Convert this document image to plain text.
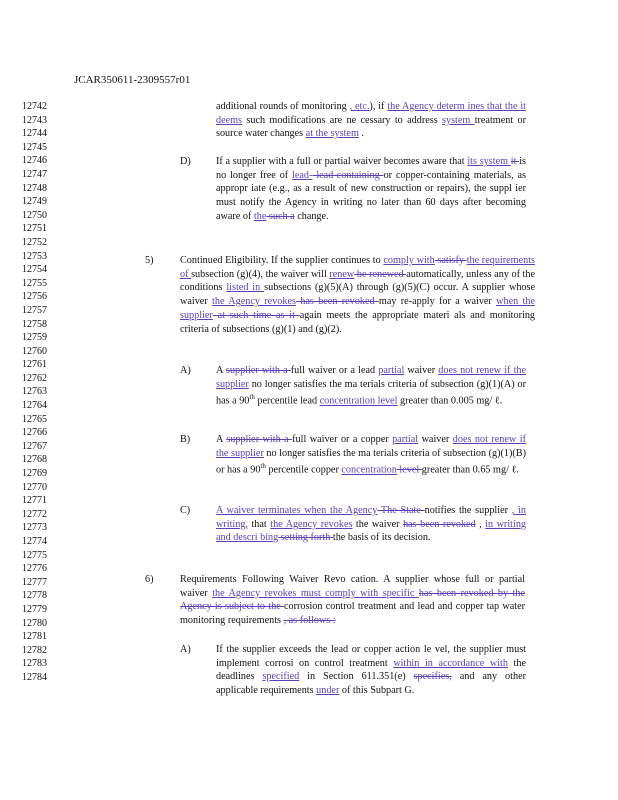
JCAR350611-2309557r01
12742
12743
12744
12745
12746
12747
12748
12749
12750
12751
12752
12753
12754
12755
12756
12757
12758
12759
12760
12761
12762
12763
12764
12765
12766
12767
12768
12769
12770
12771
12772
12773
12774
12775
12776
12777
12778
12779
12780
12781
12782
12783
12784
additional rounds of monitoring , etc.), if the Agency determ ines that the it deems such modifications are ne cessary to address system treatment or source water changes at the system .
D) If a supplier with a full or partial waiver becomes aware that its system it is no longer free of lead- lead-containing or copper-containing materials, as appropr iate (e.g., as a result of new construction or repairs), the suppl ier must notify the Agency in writing no later than 60 days after becoming aware of the such a change.
5)	Continued Eligibility. If the supplier continues to comply with satisfy the requirements of subsection (g)(4), the waiver will renew be renewed automatically, unless any of the conditions listed in subsections (g)(5)(A) through (g)(5)(C) occur. A supplier whose waiver the Agency revokes has been revoked may re-apply for a waiver when the supplier at such time as it again meets the appropriate materi als and monitoring criteria of subsections (g)(1) and (g)(2).
A) A supplier with a full waiver or a lead partial waiver does not renew if the supplier no longer satisfies the ma terials criteria of subsection (g)(1)(A) or has a 90th percentile lead concentration level greater than 0.005 mg/ ℓ.
B)	A supplier with a full waiver or a copper partial waiver does not renew if the supplier no longer satisfies the ma terials criteria of subsection (g)(1)(B) or has a 90th percentile copper concentration level greater than 0.65 mg/ ℓ.
C)	A waiver terminates when the Agency The State notifies the supplier , in writing, that the Agency revokes the waiver has been revoked , in writing and descri bing setting forth the basis of its decision.
6)	Requirements Following Waiver Revo cation. A supplier whose full or partial waiver the Agency revokes must comply with specific has been revoked by the Agency is subject to the corrosion control treatment and lead and copper tap water monitoring requirements , as follows :
A) If the supplier exceeds the lead or copper action le vel, the supplier must implement corrosi on control treatment within in accordance with the deadlines specified in Section 611.351(e) specifies, and any other applicable requirements under of this Subpart G.
